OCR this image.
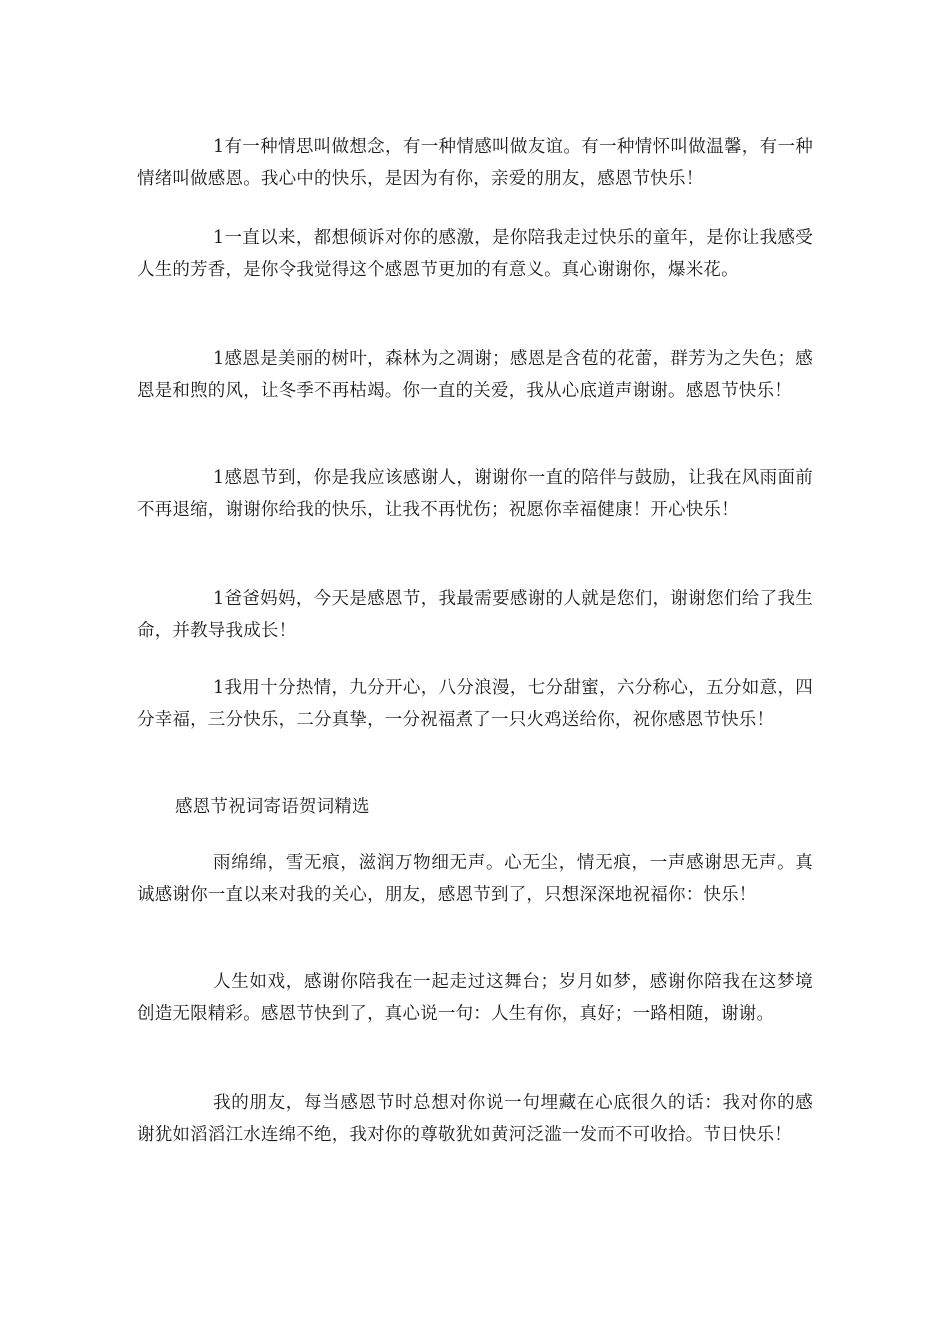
1有一种情思叫做想念，有一种情感叫做友谊。有一种情怀叫做温馨，有一种情绪叫做感恩。我心中的快乐，是因为有你，亲爱的朋友，感恩节快乐！

1一直以来，都想倾诉对你的感激，是你陪我走过快乐的童年，是你让我感受人生的芳香，是你令我觉得这个感恩节更加的有意义。真心谢谢你，爆米花。

1感恩是美丽的树叶，森林为之凋谢；感恩是含苞的花蕾，群芳为之失色；感恩是和煦的风，让冬季不再枯竭。你一直的关爱，我从心底道声谢谢。感恩节快乐！

1感恩节到，你是我应该感谢人，谢谢你一直的陪伴与鼓励，让我在风雨面前不再退缩，谢谢你给我的快乐，让我不再忧伤；祝愿你幸福健康！开心快乐！

1爸爸妈妈，今天是感恩节，我最需要感谢的人就是您们，谢谢您们给了我生命，并教导我成长！

1我用十分热情，九分开心，八分浪漫，七分甜蜜，六分称心，五分如意，四分幸福，三分快乐，二分真挚，一分祝福煮了一只火鸡送给你，祝你感恩节快乐！

感恩节祝词寄语贺词精选

雨绵绵，雪无痕，滋润万物细无声。心无尘，情无痕，一声感谢思无声。真诚感谢你一直以来对我的关心，朋友，感恩节到了，只想深深地祝福你：快乐！

人生如戏，感谢你陪我在一起走过这舞台；岁月如梦，感谢你陪我在这梦境创造无限精彩。感恩节快到了，真心说一句：人生有你，真好；一路相随，谢谢。

我的朋友，每当感恩节时总想对你说一句埋藏在心底很久的话：我对你的感谢犹如滔滔江水连绵不绝，我对你的尊敬犹如黄河泛滥一发而不可收拾。节日快乐！
